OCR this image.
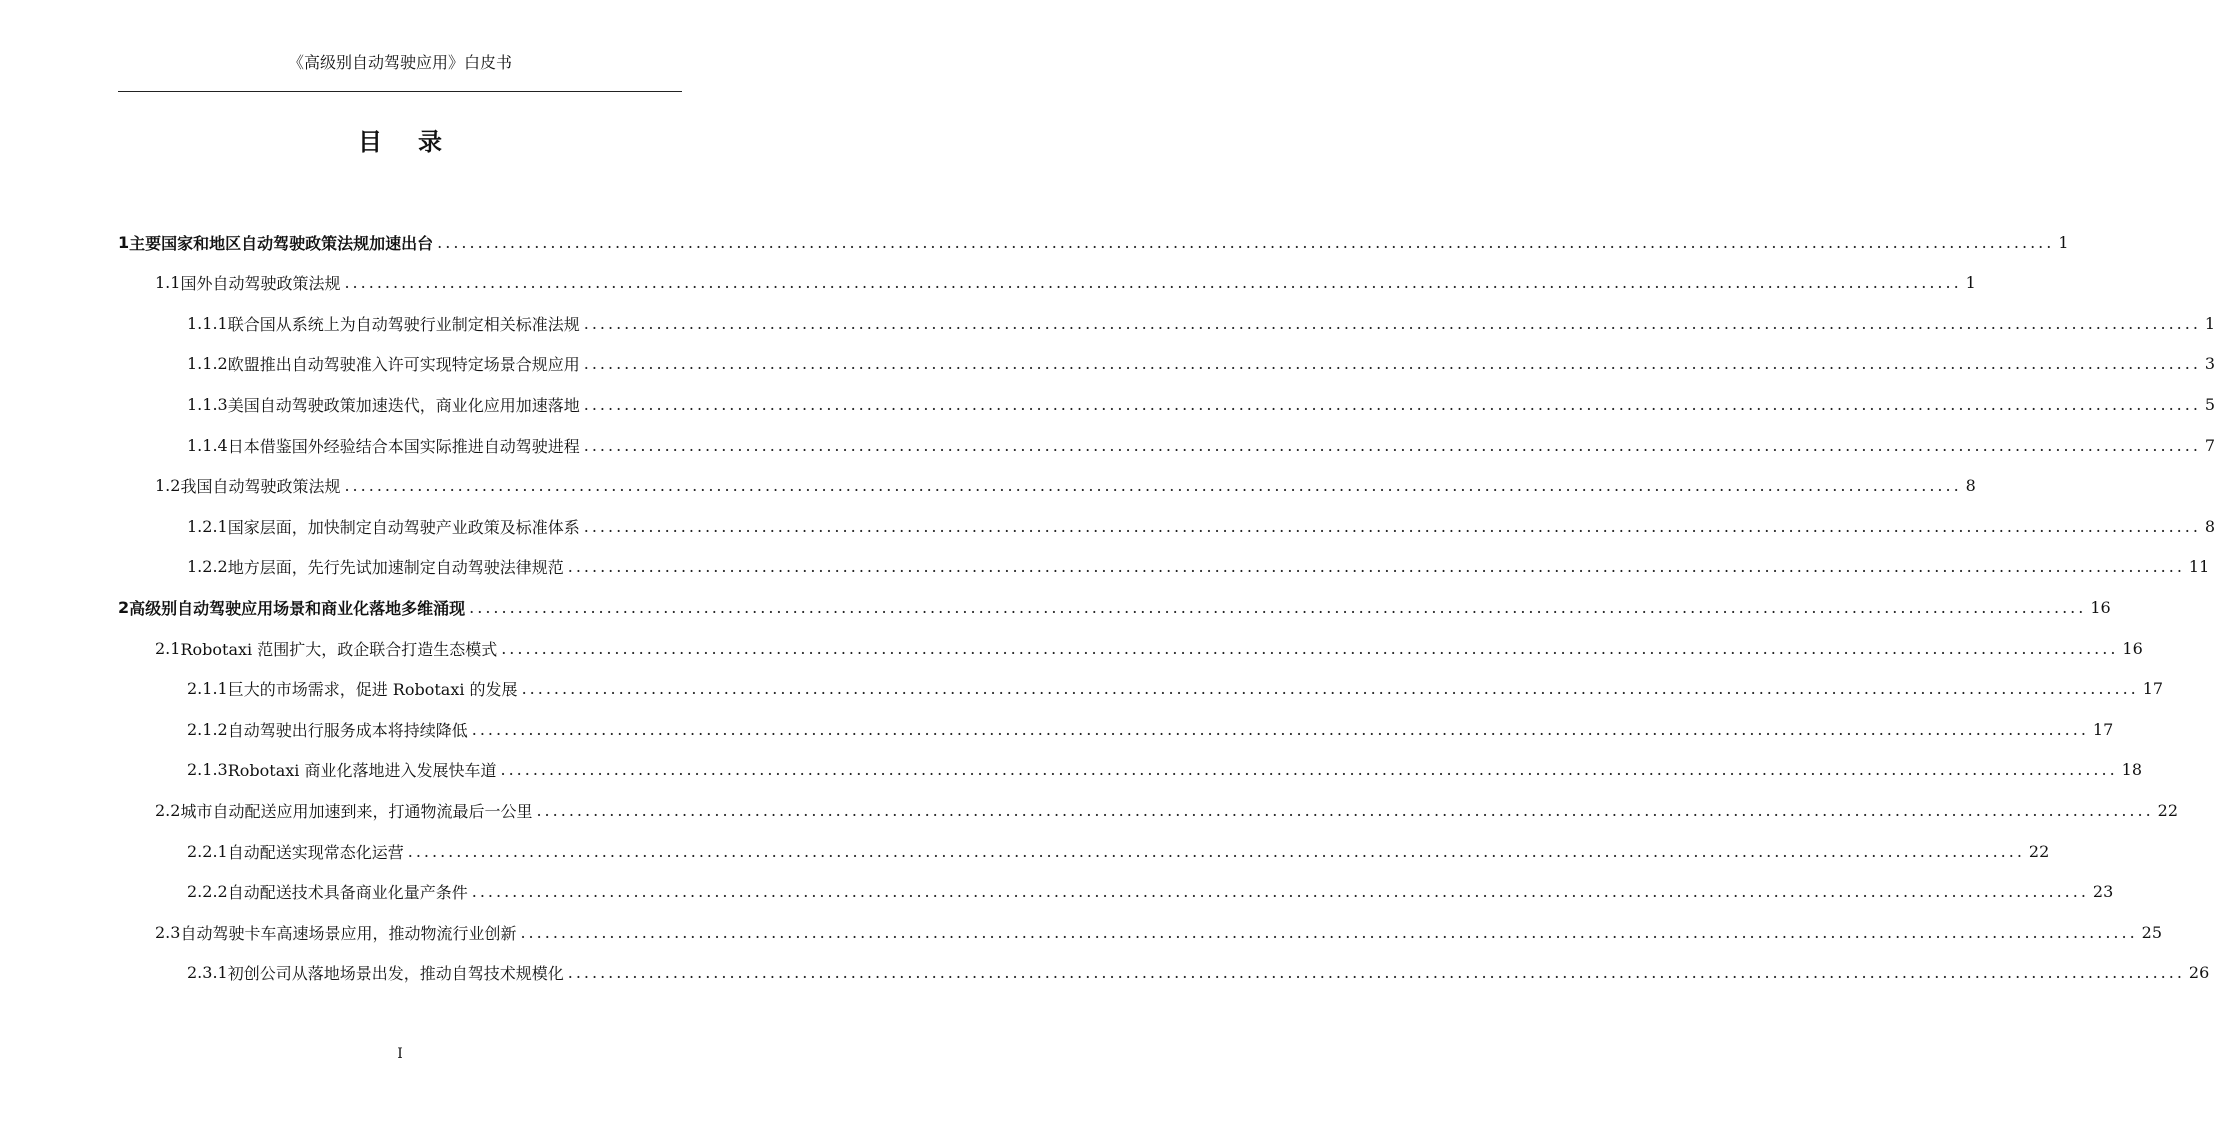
《高级别自动驾驶应用》白皮书
目录
1 主要国家和地区自动驾驶政策法规加速出台 ........................................................................................................................................................................................................ 1
1.1 国外自动驾驶政策法规 ........................................................................................................................................................................................................ 1
1.1.1 联合国从系统上为自动驾驶行业制定相关标准法规 ........................................................................................................................................................................................................ 1
1.1.2 欧盟推出自动驾驶准入许可实现特定场景合规应用 ........................................................................................................................................................................................................ 3
1.1.3 美国自动驾驶政策加速迭代，商业化应用加速落地 ........................................................................................................................................................................................................ 5
1.1.4 日本借鉴国外经验结合本国实际推进自动驾驶进程 ........................................................................................................................................................................................................ 7
1.2 我国自动驾驶政策法规 ........................................................................................................................................................................................................ 8
1.2.1 国家层面，加快制定自动驾驶产业政策及标准体系 ........................................................................................................................................................................................................ 8
1.2.2 地方层面，先行先试加速制定自动驾驶法律规范 ........................................................................................................................................................................................................ 11
2 高级别自动驾驶应用场景和商业化落地多维涌现 ........................................................................................................................................................................................................ 16
2.1 Robotaxi 范围扩大，政企联合打造生态模式 ........................................................................................................................................................................................................ 16
2.1.1 巨大的市场需求，促进 Robotaxi 的发展 ........................................................................................................................................................................................................ 17
2.1.2 自动驾驶出行服务成本将持续降低 ........................................................................................................................................................................................................ 17
2.1.3 Robotaxi 商业化落地进入发展快车道 ........................................................................................................................................................................................................ 18
2.2 城市自动配送应用加速到来，打通物流最后一公里 ........................................................................................................................................................................................................ 22
2.2.1 自动配送实现常态化运营 ........................................................................................................................................................................................................ 22
2.2.2 自动配送技术具备商业化量产条件 ........................................................................................................................................................................................................ 23
2.3 自动驾驶卡车高速场景应用，推动物流行业创新 ........................................................................................................................................................................................................ 25
2.3.1 初创公司从落地场景出发，推动自驾技术规模化 ........................................................................................................................................................................................................ 26
I
